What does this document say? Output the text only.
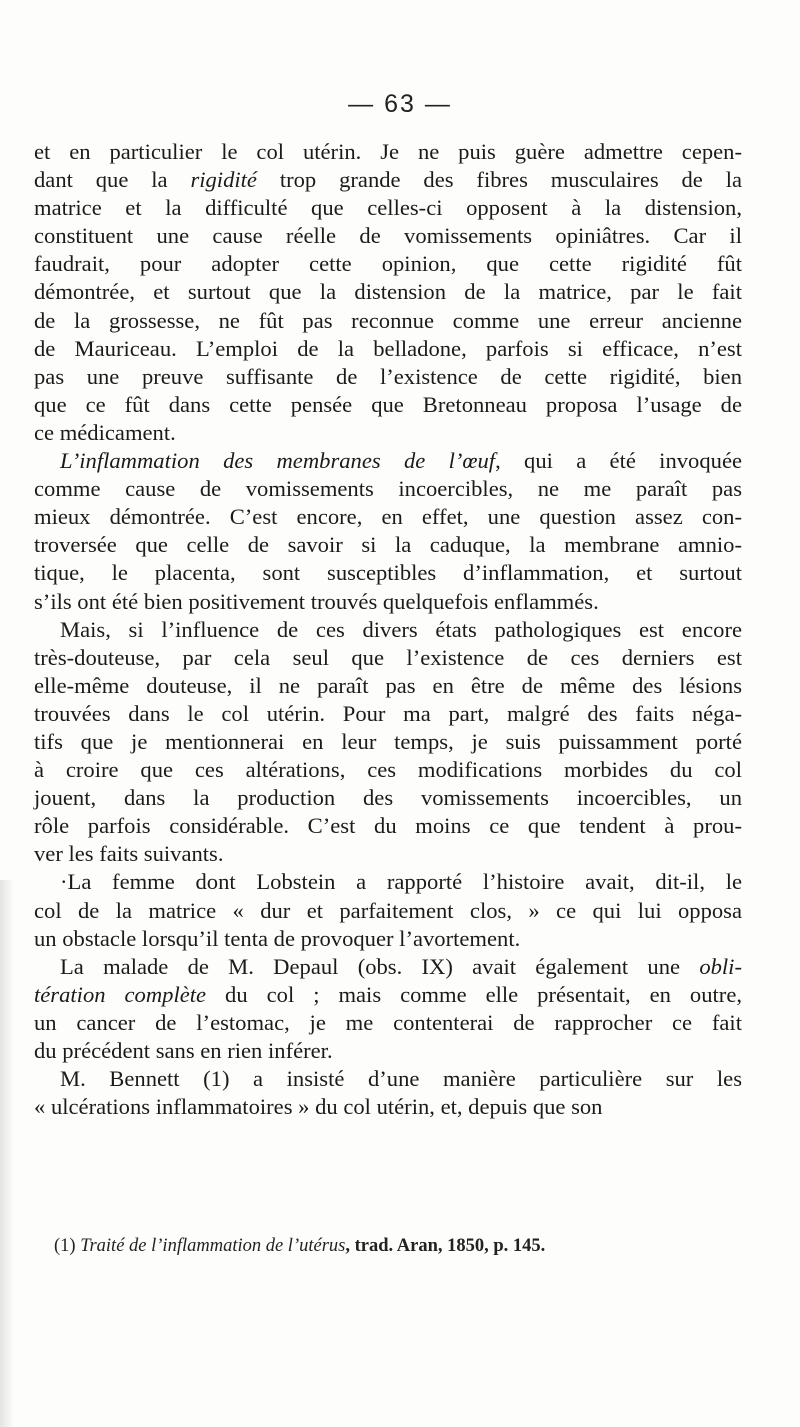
— 63 —
et en particulier le col utérin. Je ne puis guère admettre cepen-
dant que la rigidité trop grande des fibres musculaires de la
matrice et la difficulté que celles-ci opposent à la distension,
constituent une cause réelle de vomissements opiniâtres. Car il
faudrait, pour adopter cette opinion, que cette rigidité fût
démontrée, et surtout que la distension de la matrice, par le fait
de la grossesse, ne fût pas reconnue comme une erreur ancienne
de Mauriceau. L’emploi de la belladone, parfois si efficace, n’est
pas une preuve suffisante de l’existence de cette rigidité, bien
que ce fût dans cette pensée que Bretonneau proposa l’usage de
ce médicament.
L’inflammation des membranes de l’œuf, qui a été invoquée
comme cause de vomissements incoercibles, ne me paraît pas
mieux démontrée. C’est encore, en effet, une question assez con-
troversée que celle de savoir si la caduque, la membrane amnio-
tique, le placenta, sont susceptibles d’inflammation, et surtout
s’ils ont été bien positivement trouvés quelquefois enflammés.
Mais, si l’influence de ces divers états pathologiques est encore
très-douteuse, par cela seul que l’existence de ces derniers est
elle-même douteuse, il ne paraît pas en être de même des lésions
trouvées dans le col utérin. Pour ma part, malgré des faits néga-
tifs que je mentionnerai en leur temps, je suis puissamment porté
à croire que ces altérations, ces modifications morbides du col
jouent, dans la production des vomissements incoercibles, un
rôle parfois considérable. C’est du moins ce que tendent à prou-
ver les faits suivants.
·La femme dont Lobstein a rapporté l’histoire avait, dit-il, le
col de la matrice « dur et parfaitement clos, » ce qui lui opposa
un obstacle lorsqu’il tenta de provoquer l’avortement.
La malade de M. Depaul (obs. IX) avait également une obli-
tération complète du col ; mais comme elle présentait, en outre,
un cancer de l’estomac, je me contenterai de rapprocher ce fait
du précédent sans en rien inférer.
M. Bennett (1) a insisté d’une manière particulière sur les
« ulcérations inflammatoires » du col utérin, et, depuis que son
(1) Traité de l’inflammation de l’utérus, trad. Aran, 1850, p. 145.
